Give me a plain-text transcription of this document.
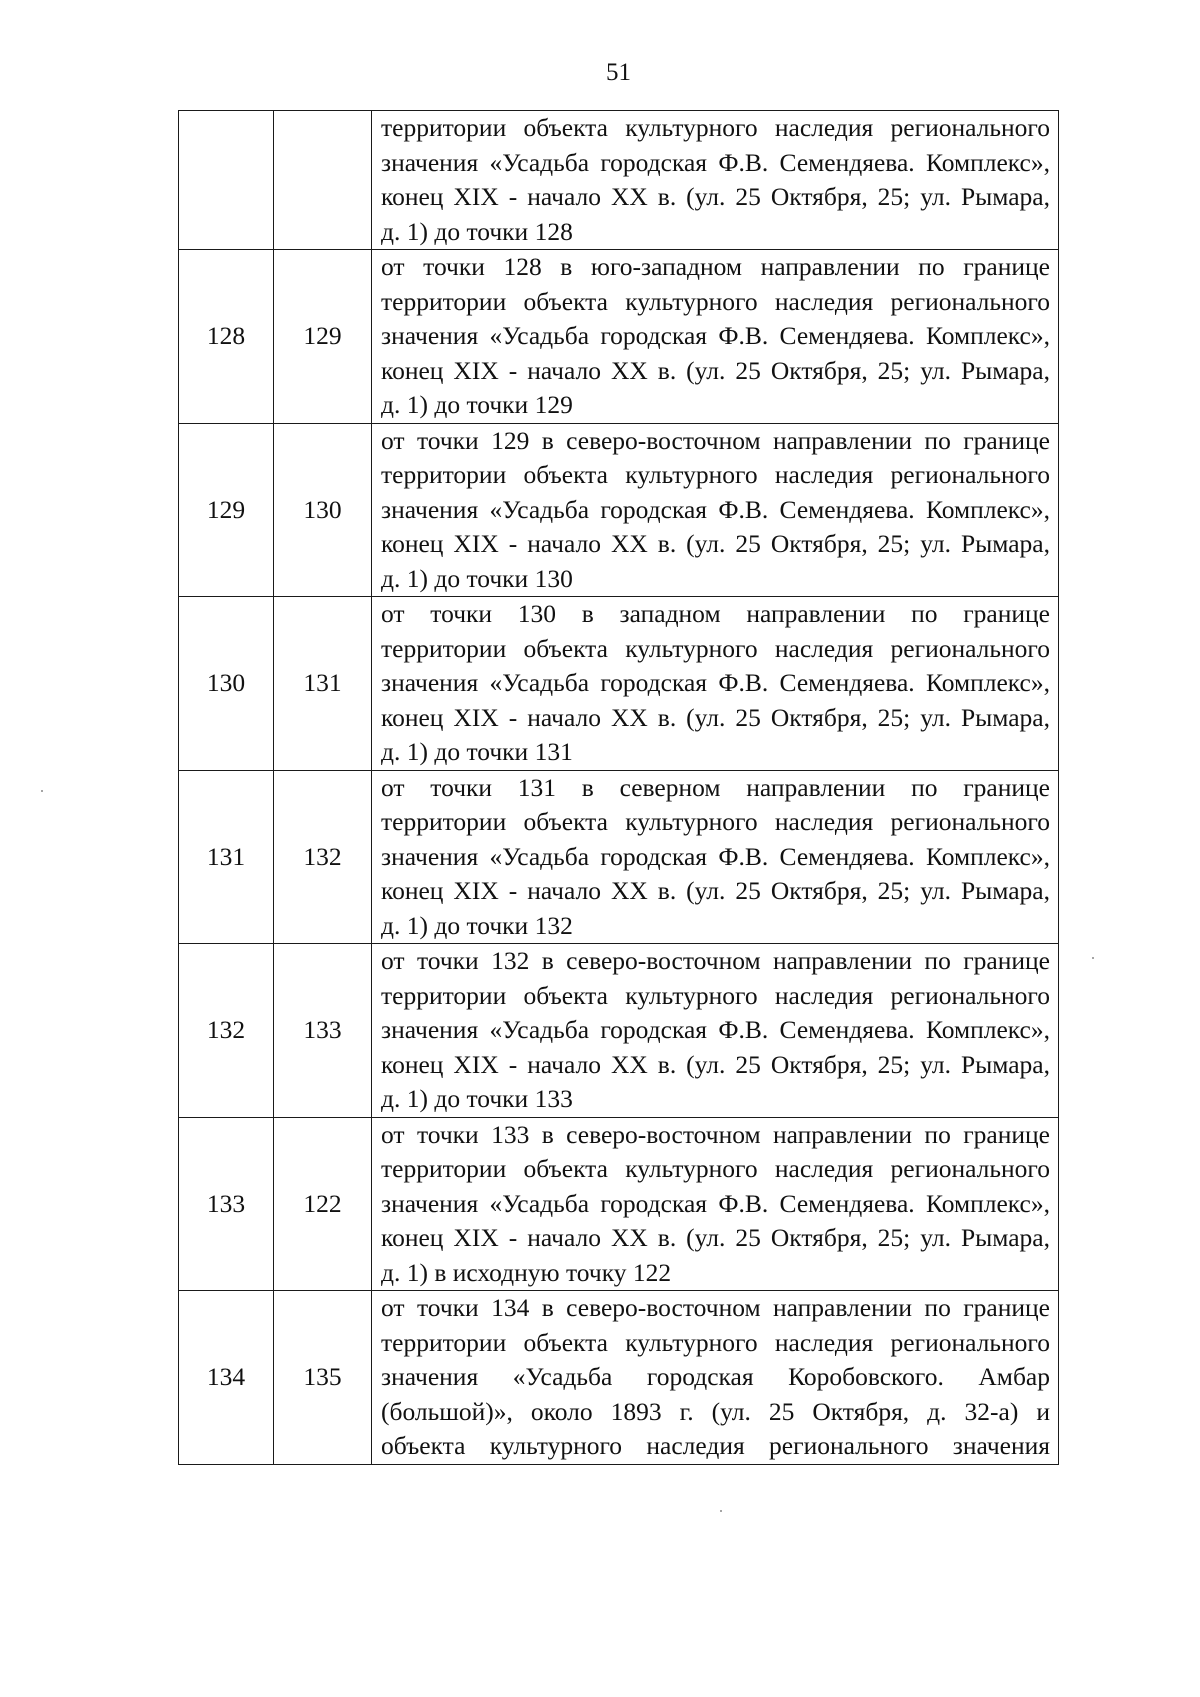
51

		территории объекта культурного наследия регионального
значения «Усадьба городская Ф.В. Семендяева. Комплекс»,
конец XIX - начало XX в. (ул. 25 Октября, 25; ул. Рымара,
д. 1) до точки 128

128	129	от точки 128 в юго-западном направлении по границе
территории объекта культурного наследия регионального
значения «Усадьба городская Ф.В. Семендяева. Комплекс»,
конец XIX - начало XX в. (ул. 25 Октября, 25; ул. Рымара,
д. 1) до точки 129

129	130	от точки 129 в северо-восточном направлении по границе
территории объекта культурного наследия регионального
значения «Усадьба городская Ф.В. Семендяева. Комплекс»,
конец XIX - начало XX в. (ул. 25 Октября, 25; ул. Рымара,
д. 1) до точки 130

130	131	от точки 130 в западном направлении по границе
территории объекта культурного наследия регионального
значения «Усадьба городская Ф.В. Семендяева. Комплекс»,
конец XIX - начало XX в. (ул. 25 Октября, 25; ул. Рымара,
д. 1) до точки 131

131	132	от точки 131 в северном направлении по границе
территории объекта культурного наследия регионального
значения «Усадьба городская Ф.В. Семендяева. Комплекс»,
конец XIX - начало XX в. (ул. 25 Октября, 25; ул. Рымара,
д. 1) до точки 132

132	133	от точки 132 в северо-восточном направлении по границе
территории объекта культурного наследия регионального
значения «Усадьба городская Ф.В. Семендяева. Комплекс»,
конец XIX - начало XX в. (ул. 25 Октября, 25; ул. Рымара,
д. 1) до точки 133

133	122	от точки 133 в северо-восточном направлении по границе
территории объекта культурного наследия регионального
значения «Усадьба городская Ф.В. Семендяева. Комплекс»,
конец XIX - начало XX в. (ул. 25 Октября, 25; ул. Рымара,
д. 1) в исходную точку 122

134	135	от точки 134 в северо-восточном направлении по границе
территории объекта культурного наследия регионального
значения «Усадьба городская Коробовского. Амбар
(большой)», около 1893 г. (ул. 25 Октября, д. 32-а) и
объекта культурного наследия регионального значения
